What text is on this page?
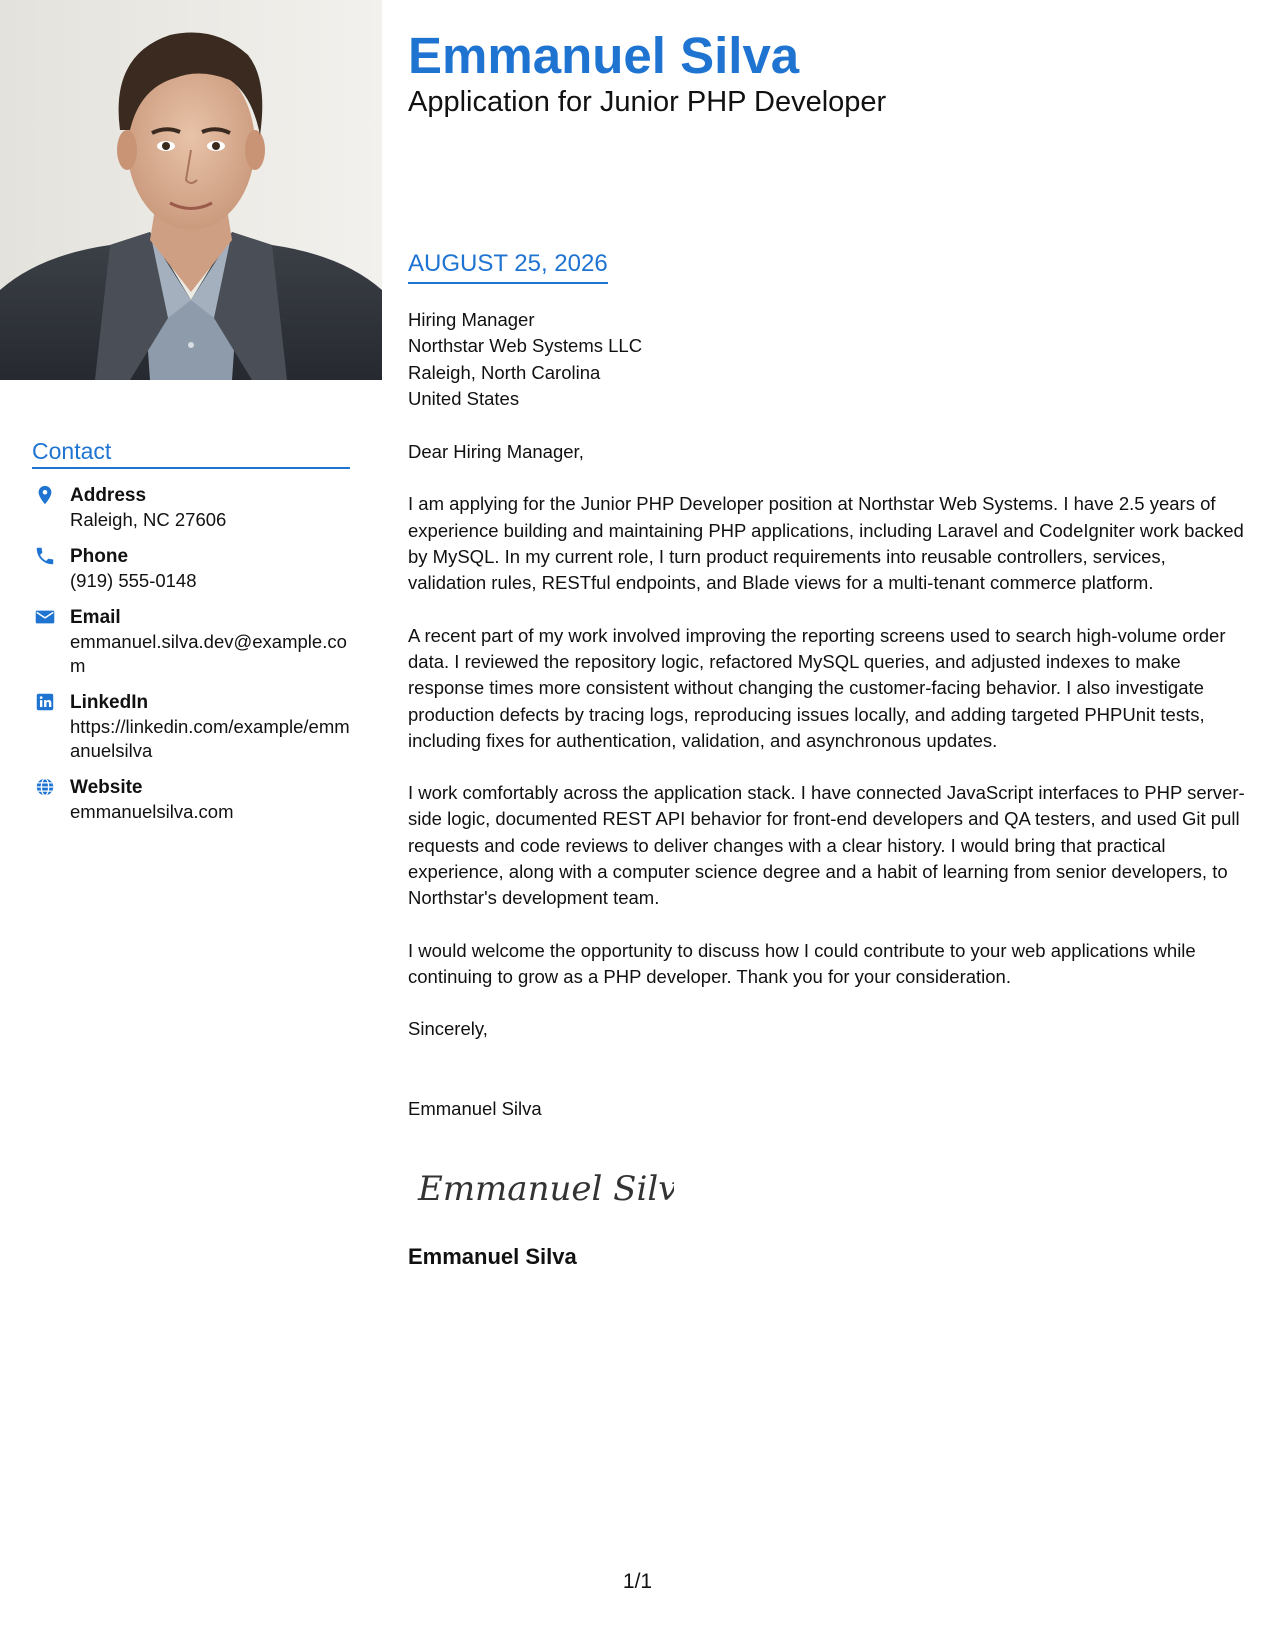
Contact
Address
Raleigh, NC 27606
Phone
(919) 555-0148
Email
emmanuel.silva.dev@example.com
LinkedIn
https://linkedin.com/example/emmanuelsilva
Website
emmanuelsilva.com
Emmanuel Silva
Application for Junior PHP Developer
AUGUST 25, 2026
Hiring Manager
Northstar Web Systems LLC
Raleigh, North Carolina
United States

Dear Hiring Manager,

I am applying for the Junior PHP Developer position at Northstar Web Systems. I have 2.5 years of experience building and maintaining PHP applications, including Laravel and CodeIgniter work backed by MySQL. In my current role, I turn product requirements into reusable controllers, services, validation rules, RESTful endpoints, and Blade views for a multi-tenant commerce platform.

A recent part of my work involved improving the reporting screens used to search high-volume order data. I reviewed the repository logic, refactored MySQL queries, and adjusted indexes to make response times more consistent without changing the customer-facing behavior. I also investigate production defects by tracing logs, reproducing issues locally, and adding targeted PHPUnit tests, including fixes for authentication, validation, and asynchronous updates.

I work comfortably across the application stack. I have connected JavaScript interfaces to PHP server-side logic, documented REST API behavior for front-end developers and QA testers, and used Git pull requests and code reviews to deliver changes with a clear history. I would bring that practical experience, along with a computer science degree and a habit of learning from senior developers, to Northstar's development team.

I would welcome the opportunity to discuss how I could contribute to your web applications while continuing to grow as a PHP developer. Thank you for your consideration.

Sincerely,

Emmanuel Silva

Emmanuel Silva
Emmanuel Silva
1/1
